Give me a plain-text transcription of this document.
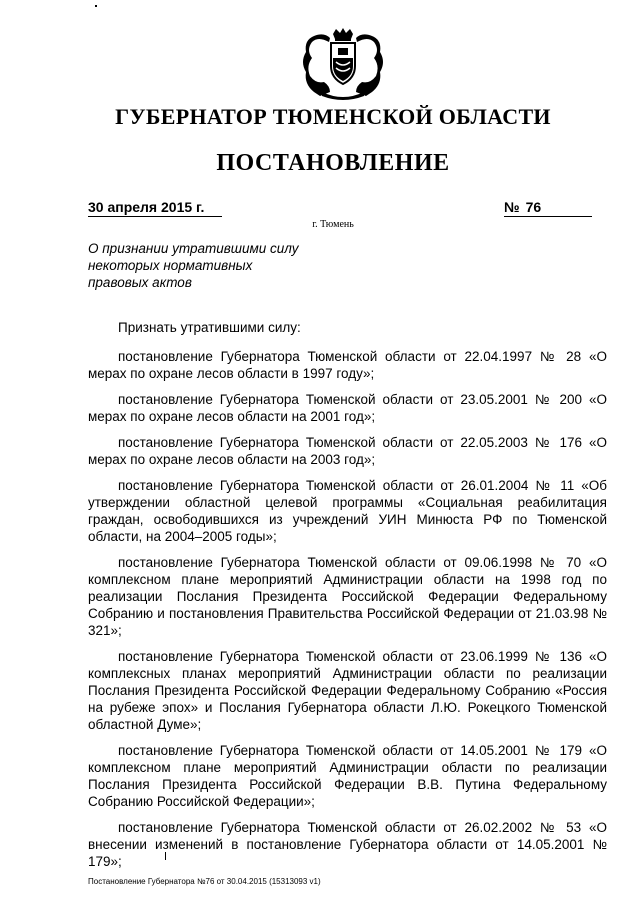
ГУБЕРНАТОР ТЮМЕНСКОЙ ОБЛАСТИ
ПОСТАНОВЛЕНИЕ
30 апреля 2015 г.	№ 76
г. Тюмень
О признании утратившими силу
некоторых нормативных
правовых актов

Признать утратившими силу:

постановление Губернатора Тюменской области от 22.04.1997 № 28 «О мерах по охране лесов области в 1997 году»;

постановление Губернатора Тюменской области от 23.05.2001 № 200 «О мерах по охране лесов области на 2001 год»;

постановление Губернатора Тюменской области от 22.05.2003 № 176 «О мерах по охране лесов области на 2003 год»;

постановление Губернатора Тюменской области от 26.01.2004 № 11 «Об утверждении областной целевой программы «Социальная реабилитация граждан, освободившихся из учреждений УИН Минюста РФ по Тюменской области, на 2004–2005 годы»;

постановление Губернатора Тюменской области от 09.06.1998 № 70 «О комплексном плане мероприятий Администрации области на 1998 год по реализации Послания Президента Российской Федерации Федеральному Собранию и постановления Правительства Российской Федерации от 21.03.98 № 321»;

постановление Губернатора Тюменской области от 23.06.1999 № 136 «О комплексных планах мероприятий Администрации области по реализации Послания Президента Российской Федерации Федеральному Собранию «Россия на рубеже эпох» и Послания Губернатора области Л.Ю. Рокецкого Тюменской областной Думе»;

постановление Губернатора Тюменской области от 14.05.2001 № 179 «О комплексном плане мероприятий Администрации области по реализации Послания Президента Российской Федерации В.В. Путина Федеральному Собранию Российской Федерации»;

постановление Губернатора Тюменской области от 26.02.2002 № 53 «О внесении изменений в постановление Губернатора области от 14.05.2001 № 179»;

Постановление Губернатора №76 от 30.04.2015 (15313093 v1)
